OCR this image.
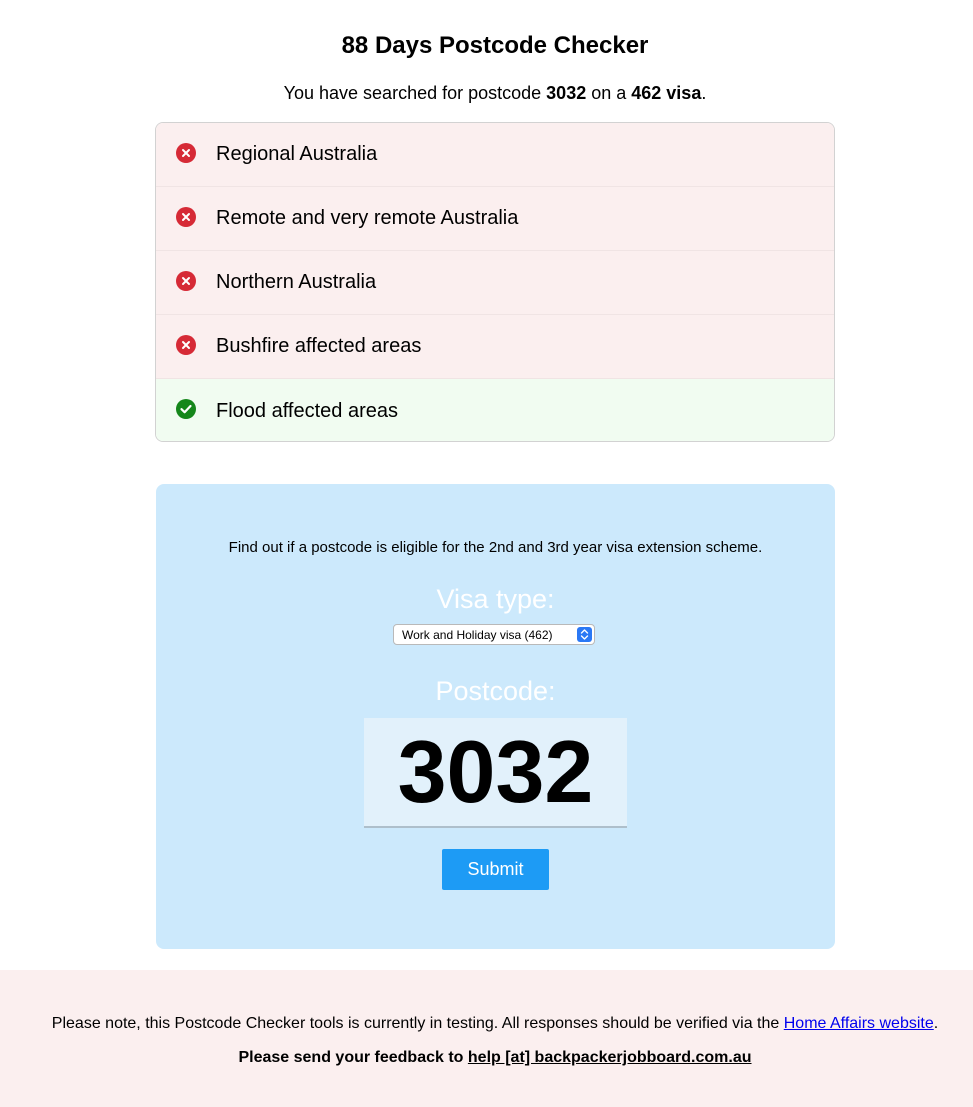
88 Days Postcode Checker
You have searched for postcode 3032 on a 462 visa.
Regional Australia
Remote and very remote Australia
Northern Australia
Bushfire affected areas
Flood affected areas
Find out if a postcode is eligible for the 2nd and 3rd year visa extension scheme.
Visa type:
Work and Holiday visa (462)
Postcode:
3032
Submit
Please note, this Postcode Checker tools is currently in testing. All responses should be verified via the Home Affairs website.
Please send your feedback to help [at] backpackerjobboard.com.au
